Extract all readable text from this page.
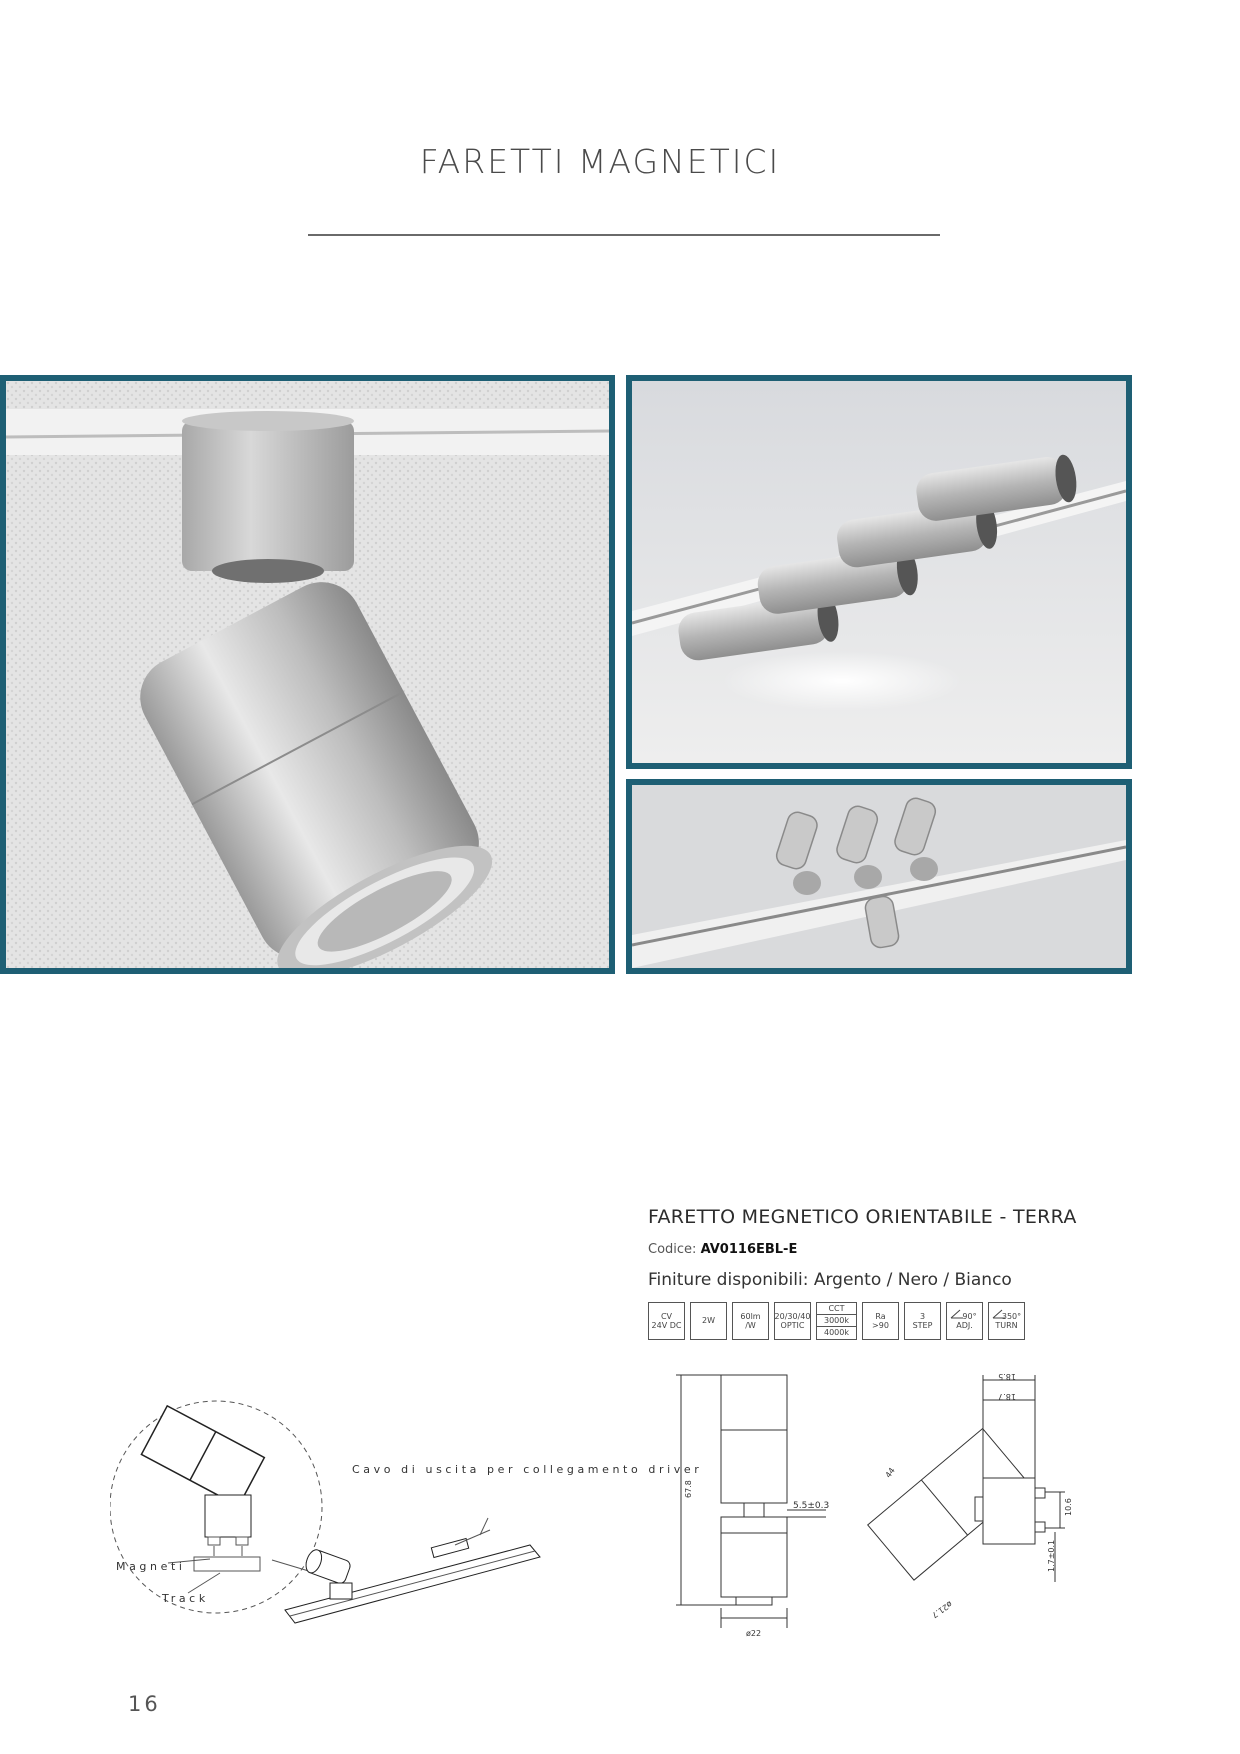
FARETTI MAGNETICI
FARETTO MEGNETICO ORIENTABILE - TERRA
Codice: AV0116EBL-E
Finiture disponibili: Argento / Nero / Bianco
CV
24V DC
2W
60lm
/W
20/30/40
OPTIC
CCT
3000k
4000k
Ra
>90
3
STEP
90°
ADJ.
350°
TURN
Cavo di uscita per collegamento driver
Magneti
Track
67.8
5.5±0.3
ø22
18.5
18.7
10.6
1.7±0.1
44
ø21.7
16
